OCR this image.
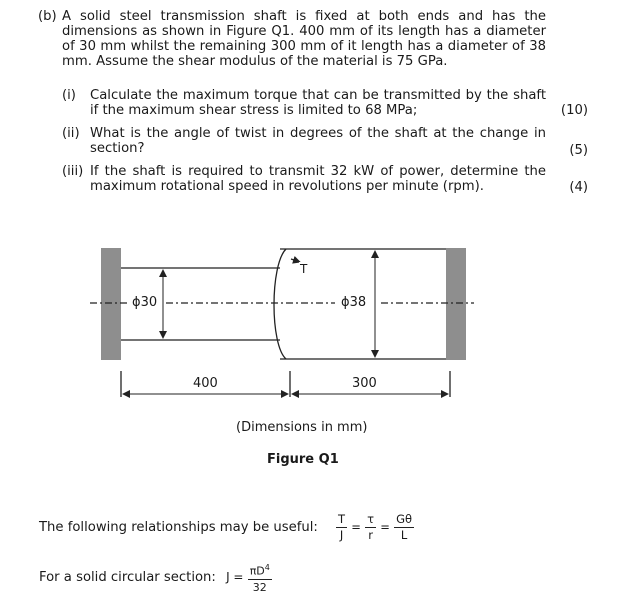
(b) A solid steel transmission shaft is fixed at both ends and has the
dimensions as shown in Figure Q1. 400 mm of its length has a diameter
of 30 mm whilst the remaining 300 mm of it length has a diameter of 38
mm. Assume the shear modulus of the material is 75 GPa.
(i) Calculate the maximum torque that can be transmitted by the shaft
if the maximum shear stress is limited to 68 MPa;	(10)
(ii) What is the angle of twist in degrees of the shaft at the change in
section?	(5)
(iii) If the shaft is required to transmit 32 kW of power, determine the
maximum rotational speed in revolutions per minute (rpm).	(4)
T
ϕ30	ϕ38
400	300
(Dimensions in mm)
Figure Q1
The following relationships may be useful: $\frac{T}{J} = \frac{\tau}{r} = \frac{G\theta}{L}$
For a solid circular section: $J = \frac{\pi D^4}{32}$
